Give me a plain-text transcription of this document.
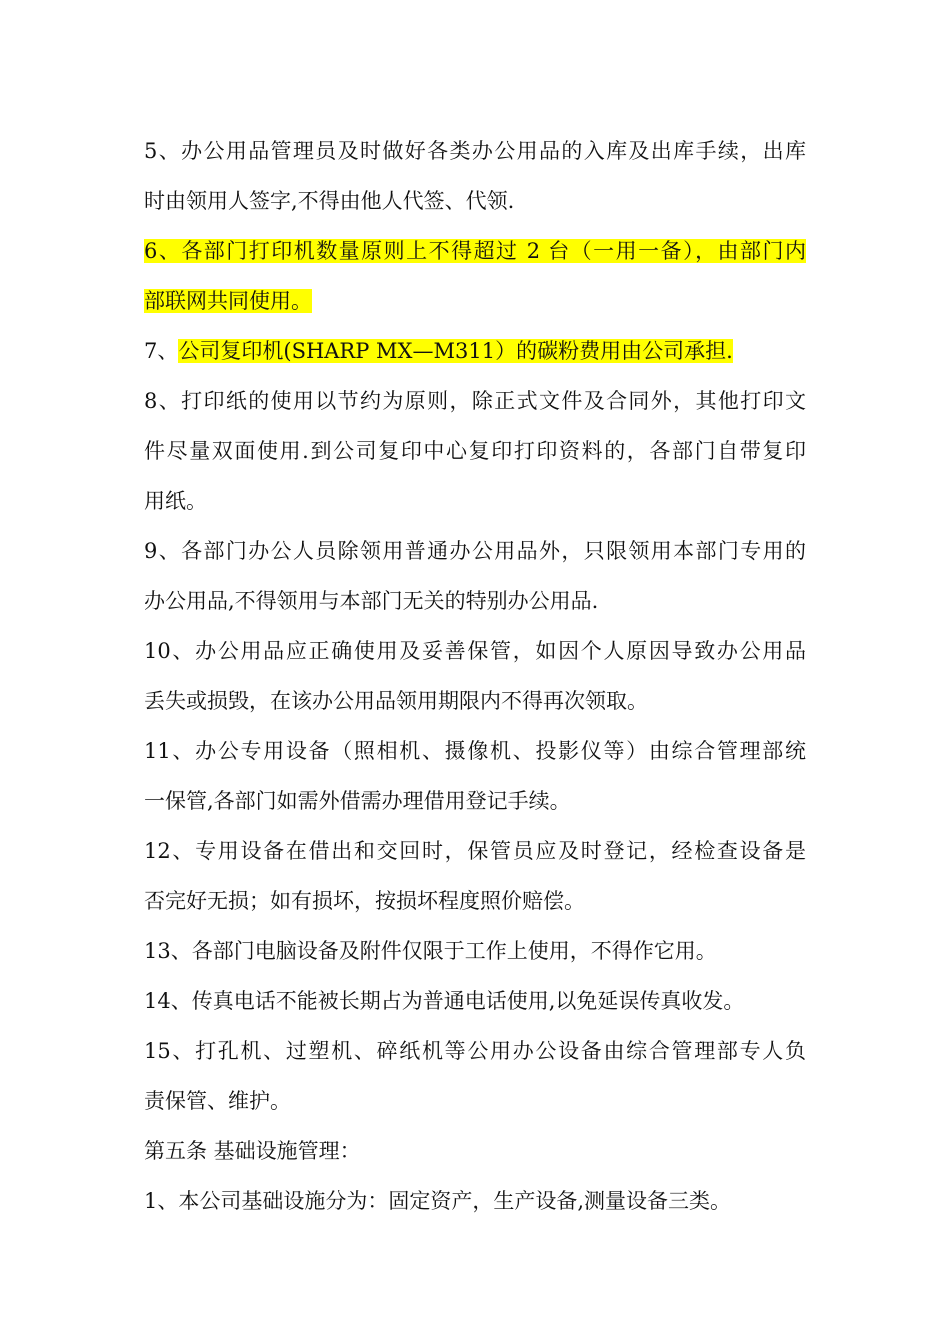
5、办公用品管理员及时做好各类办公用品的入库及出库手续，出库
时由领用人签字,不得由他人代签、代领.
6、各部门打印机数量原则上不得超过 2 台（一用一备），由部门内
部联网共同使用。
7、公司复印机(SHARP MX—M311）的碳粉费用由公司承担.
8、打印纸的使用以节约为原则，除正式文件及合同外，其他打印文
件尽量双面使用.到公司复印中心复印打印资料的，各部门自带复印
用纸。
9、各部门办公人员除领用普通办公用品外，只限领用本部门专用的
办公用品,不得领用与本部门无关的特别办公用品.
10、办公用品应正确使用及妥善保管，如因个人原因导致办公用品
丢失或损毁，在该办公用品领用期限内不得再次领取。
11、办公专用设备（照相机、摄像机、投影仪等）由综合管理部统
一保管,各部门如需外借需办理借用登记手续。
12、专用设备在借出和交回时，保管员应及时登记，经检查设备是
否完好无损；如有损坏，按损坏程度照价赔偿。
13、各部门电脑设备及附件仅限于工作上使用，不得作它用。
14、传真电话不能被长期占为普通电话使用,以免延误传真收发。
15、打孔机、过塑机、碎纸机等公用办公设备由综合管理部专人负
责保管、维护。
第五条 基础设施管理：
1、本公司基础设施分为：固定资产，生产设备,测量设备三类。
